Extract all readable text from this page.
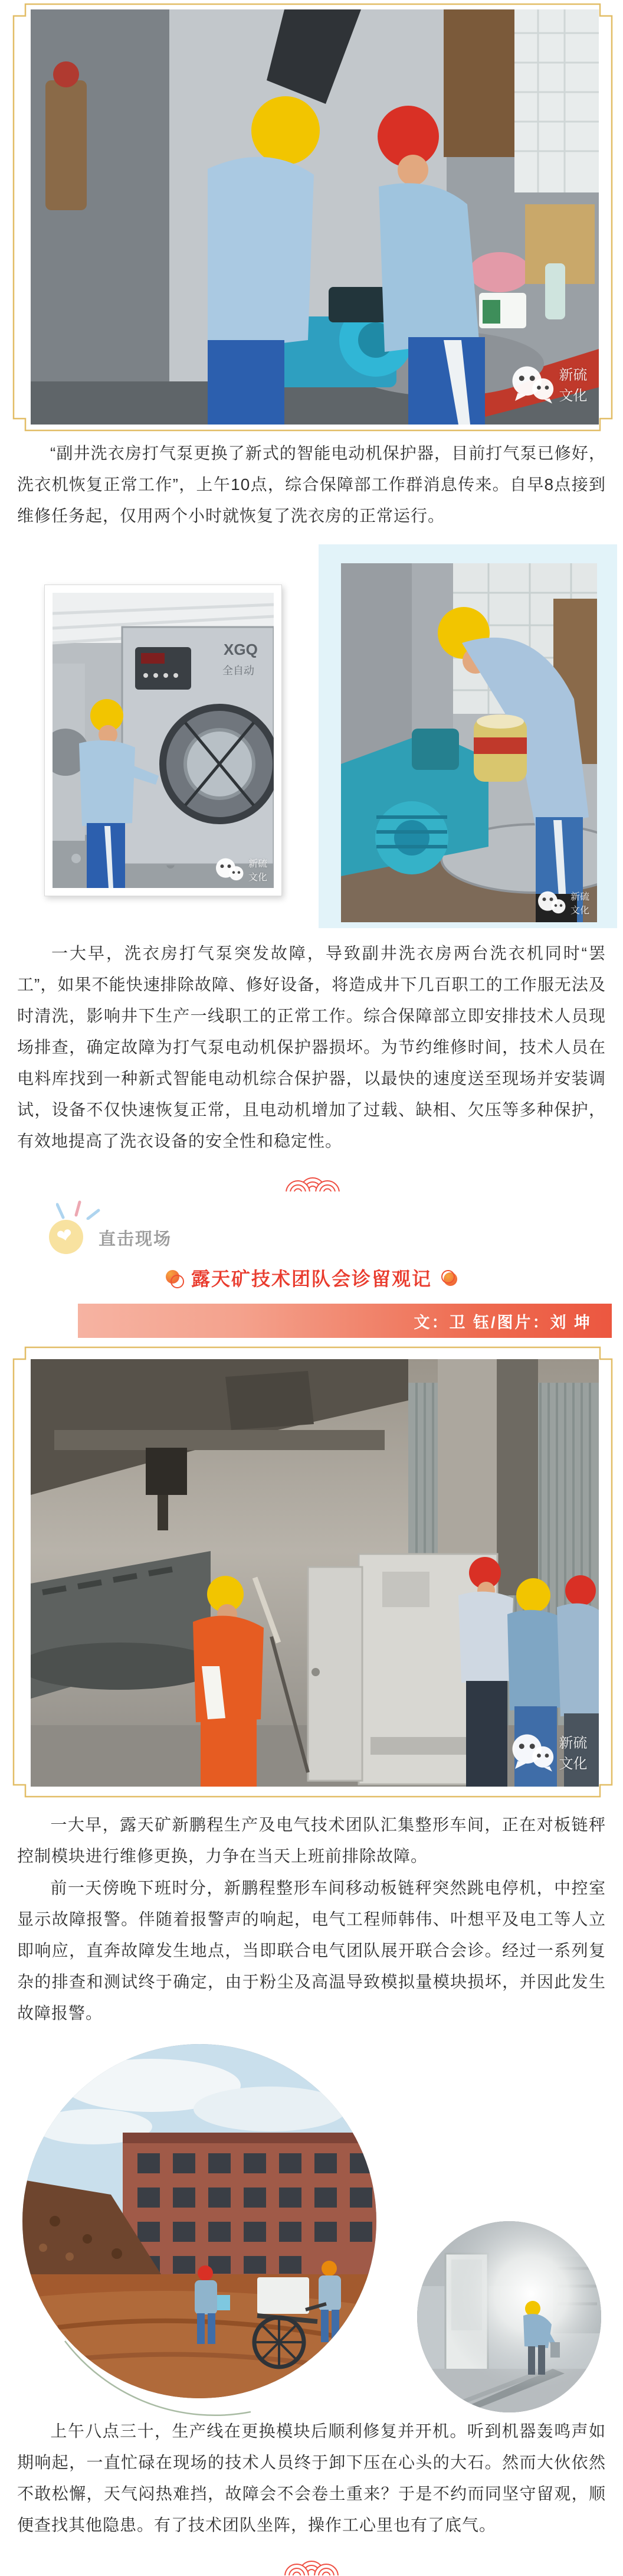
新硫文化
“副井洗衣房打气泵更换了新式的智能电动机保护器，目前打气泵已修好，洗衣机恢复正常工作”，上午10点，综合保障部工作群消息传来。自早8点接到维修任务起，仅用两个小时就恢复了洗衣房的正常运行。
XGQ
全自动
新硫文化
新硫文化
一大早，洗衣房打气泵突发故障，导致副井洗衣房两台洗衣机同时“罢工”，如果不能快速排除故障、修好设备，将造成井下几百职工的工作服无法及时清洗，影响井下生产一线职工的正常工作。综合保障部立即安排技术人员现场排查，确定故障为打气泵电动机保护器损坏。为节约维修时间，技术人员在电料库找到一种新式智能电动机综合保护器，以最快的速度送至现场并安装调试，设备不仅快速恢复正常，且电动机增加了过载、缺相、欠压等多种保护，有效地提高了洗衣设备的安全性和稳定性。
❤ 直击现场
露天矿技术团队会诊留观记
文：卫 钰/图片：刘 坤
新硫文化
一大早，露天矿新鹏程生产及电气技术团队汇集整形车间，正在对板链秤控制模块进行维修更换，力争在当天上班前排除故障。
前一天傍晚下班时分，新鹏程整形车间移动板链秤突然跳电停机，中控室显示故障报警。伴随着报警声的响起，电气工程师韩伟、叶想平及电工等人立即响应，直奔故障发生地点，当即联合电气团队展开联合会诊。经过一系列复杂的排查和测试终于确定，由于粉尘及高温导致模拟量模块损坏，并因此发生故障报警。
上午八点三十，生产线在更换模块后顺利修复并开机。听到机器轰鸣声如期响起，一直忙碌在现场的技术人员终于卸下压在心头的大石。然而大伙依然不敢松懈，天气闷热难挡，故障会不会卷土重来？于是不约而同坚守留观，顺便查找其他隐患。有了技术团队坐阵，操作工心里也有了底气。
